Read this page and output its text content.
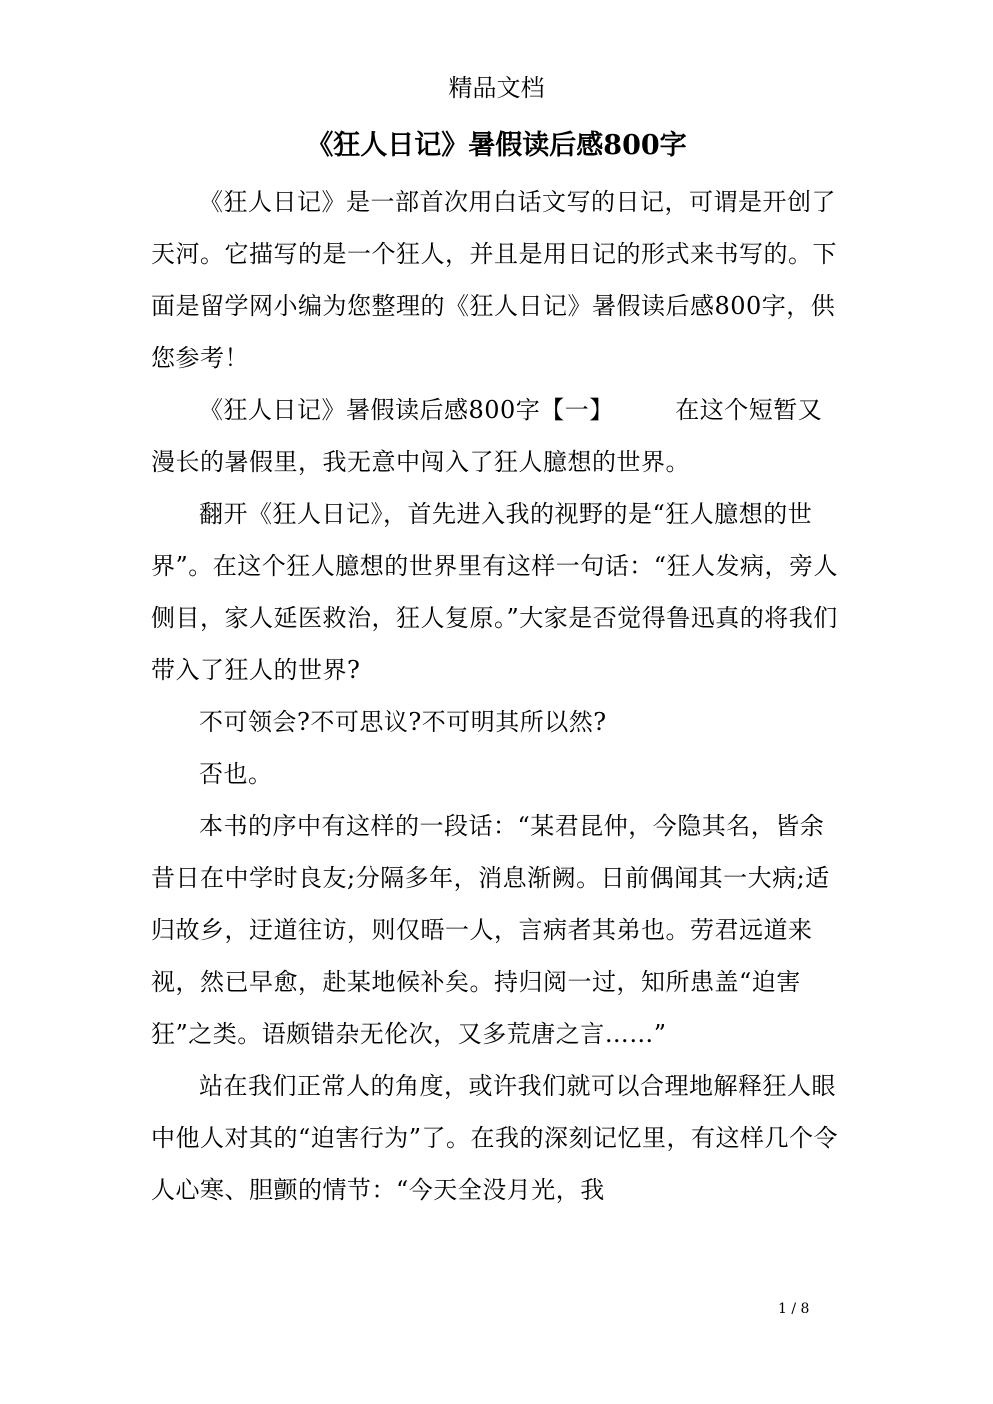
精品文档
《狂人日记》暑假读后感800字

《狂人日记》是一部首次用白话文写的日记，可谓是开创了天河。它描写的是一个狂人，并且是用日记的形式来书写的。下面是留学网小编为您整理的《狂人日记》暑假读后感800字，供您参考！

《狂人日记》暑假读后感800字【一】　　　在这个短暂又漫长的暑假里，我无意中闯入了狂人臆想的世界。

翻开《狂人日记》，首先进入我的视野的是“狂人臆想的世界”。在这个狂人臆想的世界里有这样一句话：“狂人发病，旁人侧目，家人延医救治，狂人复原。”大家是否觉得鲁迅真的将我们带入了狂人的世界?

不可领会?不可思议?不可明其所以然?

否也。

本书的序中有这样的一段话：“某君昆仲，今隐其名，皆余昔日在中学时良友;分隔多年，消息渐阙。日前偶闻其一大病;适归故乡，迂道往访，则仅晤一人，言病者其弟也。劳君远道来视，然已早愈，赴某地候补矣。持归阅一过，知所患盖“迫害狂”之类。语颇错杂无伦次，又多荒唐之言……”

站在我们正常人的角度，或许我们就可以合理地解释狂人眼中他人对其的“迫害行为”了。在我的深刻记忆里，有这样几个令人心寒、胆颤的情节：“今天全没月光，我

1 / 8
